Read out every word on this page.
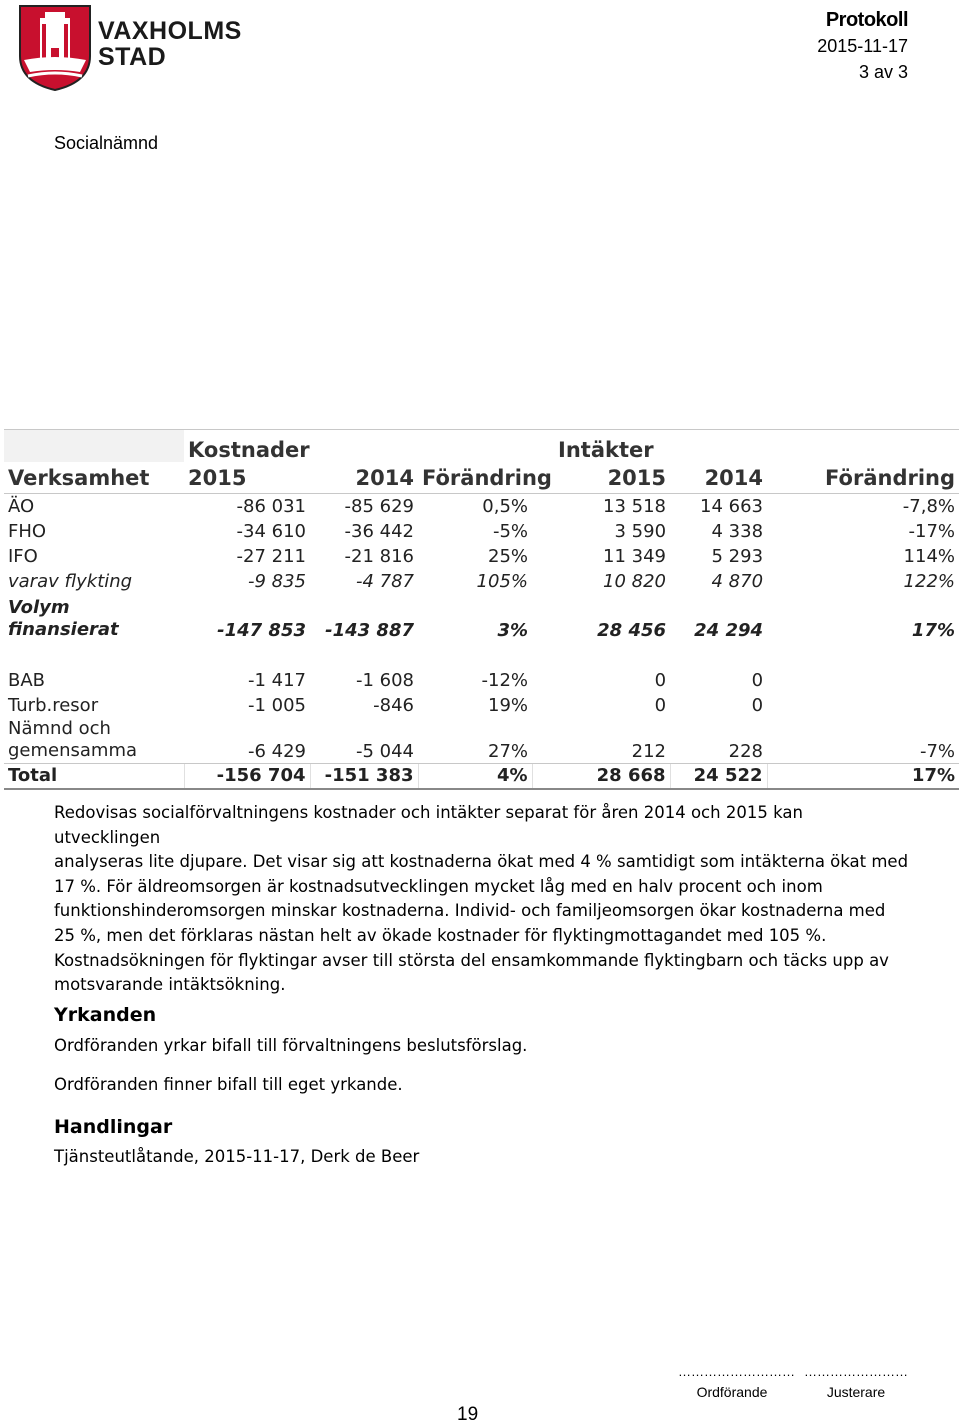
VAXHOLMS
STAD
Protokoll
2015-11-17
3 av 3
Socialnämnd
	Kostnader			Intäkter		
Verksamhet	2015	2014	Förändring	2015	2014	Förändring
ÄO	-86 031	-85 629	0,5%	13 518	14 663	-7,8%
FHO	-34 610	-36 442	-5%	3 590	4 338	-17%
IFO	-27 211	-21 816	25%	11 349	5 293	114%
varav flykting	-9 835	-4 787	105%	10 820	4 870	122%

Volym
finansierat	-147 853	-143 887	3%	28 456	24 294	17%

BAB	-1 417	-1 608	-12%	0	0	
Turb.resor	-1 005	-846	19%	0	0	

Nämnd och
gemensamma	-6 429	-5 044	27%	212	228	-7%
Total	-156 704	-151 383	4%	28 668	24 522	17%
Redovisas socialförvaltningens kostnader och intäkter separat för åren 2014 och 2015 kan utvecklingen
analyseras lite djupare. Det visar sig att kostnaderna ökat med 4 % samtidigt som intäkterna ökat med
17 %. För äldreomsorgen är kostnadsutvecklingen mycket låg med en halv procent och inom
funktionshinderomsorgen minskar kostnaderna. Individ- och familjeomsorgen ökar kostnaderna med
25 %, men det förklaras nästan helt av ökade kostnader för flyktingmottagandet med 105 %.
Kostnadsökningen för flyktingar avser till största del ensamkommande flyktingbarn och täcks upp av
motsvarande intäktsökning.
Yrkanden
Ordföranden yrkar bifall till förvaltningens beslutsförslag.
Ordföranden finner bifall till eget yrkande.
Handlingar
Tjänsteutlåtande, 2015-11-17, Derk de Beer
………………………
Ordförande
……………………
Justerare
19
